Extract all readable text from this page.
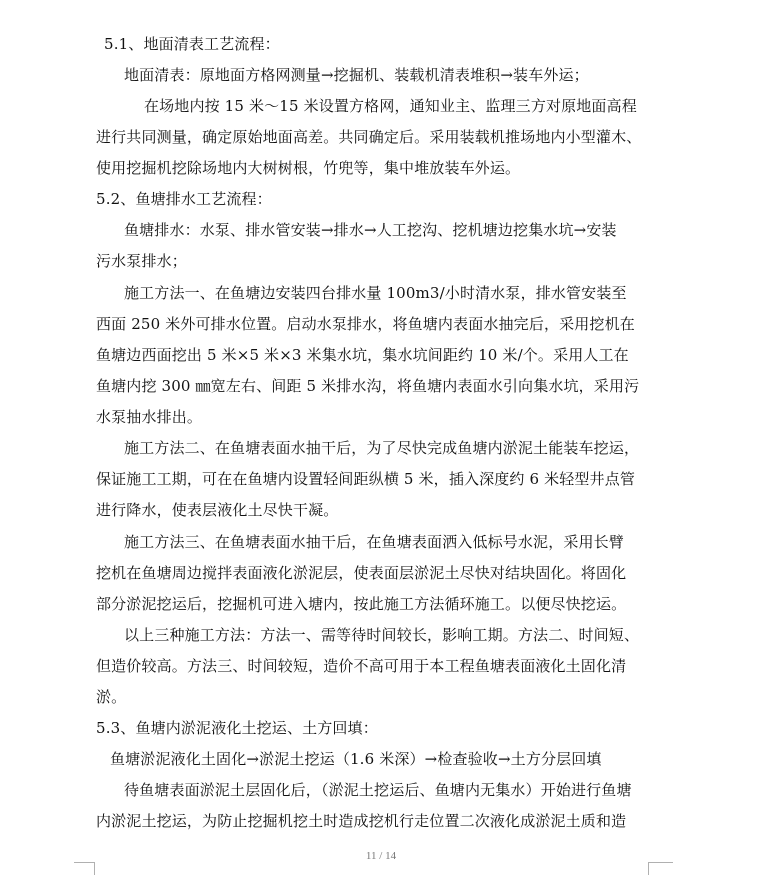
5.1、地面清表工艺流程：
地面清表：原地面方格网测量→挖掘机、装载机清表堆积→装车外运；
在场地内按 15 米～15 米设置方格网，通知业主、监理三方对原地面高程
进行共同测量，确定原始地面高差。共同确定后。采用装载机推场地内小型灌木、
使用挖掘机挖除场地内大树树根，竹兜等，集中堆放装车外运。
5.2、鱼塘排水工艺流程：
鱼塘排水：水泵、排水管安装→排水→人工挖沟、挖机塘边挖集水坑→安装
污水泵排水；
施工方法一、在鱼塘边安装四台排水量 100m3/小时清水泵，排水管安装至
西面 250 米外可排水位置。启动水泵排水，将鱼塘内表面水抽完后，采用挖机在
鱼塘边西面挖出 5 米×5 米×3 米集水坑，集水坑间距约 10 米/个。采用人工在
鱼塘内挖 300 ㎜宽左右、间距 5 米排水沟，将鱼塘内表面水引向集水坑，采用污
水泵抽水排出。
施工方法二、在鱼塘表面水抽干后，为了尽快完成鱼塘内淤泥土能装车挖运，
保证施工工期，可在在鱼塘内设置轻间距纵横 5 米，插入深度约 6 米轻型井点管
进行降水，使表层液化土尽快干凝。
施工方法三、在鱼塘表面水抽干后，在鱼塘表面洒入低标号水泥，采用长臂
挖机在鱼塘周边搅拌表面液化淤泥层，使表面层淤泥土尽快对结块固化。将固化
部分淤泥挖运后，挖掘机可进入塘内，按此施工方法循环施工。以便尽快挖运。
以上三种施工方法：方法一、需等待时间较长，影响工期。方法二、时间短、
但造价较高。方法三、时间较短，造价不高可用于本工程鱼塘表面液化土固化清
淤。
5.3、鱼塘内淤泥液化土挖运、土方回填：
鱼塘淤泥液化土固化→淤泥土挖运（1.6 米深）→检查验收→土方分层回填
待鱼塘表面淤泥土层固化后，（淤泥土挖运后、鱼塘内无集水）开始进行鱼塘
内淤泥土挖运，为防止挖掘机挖土时造成挖机行走位置二次液化成淤泥土质和造
11 / 14
